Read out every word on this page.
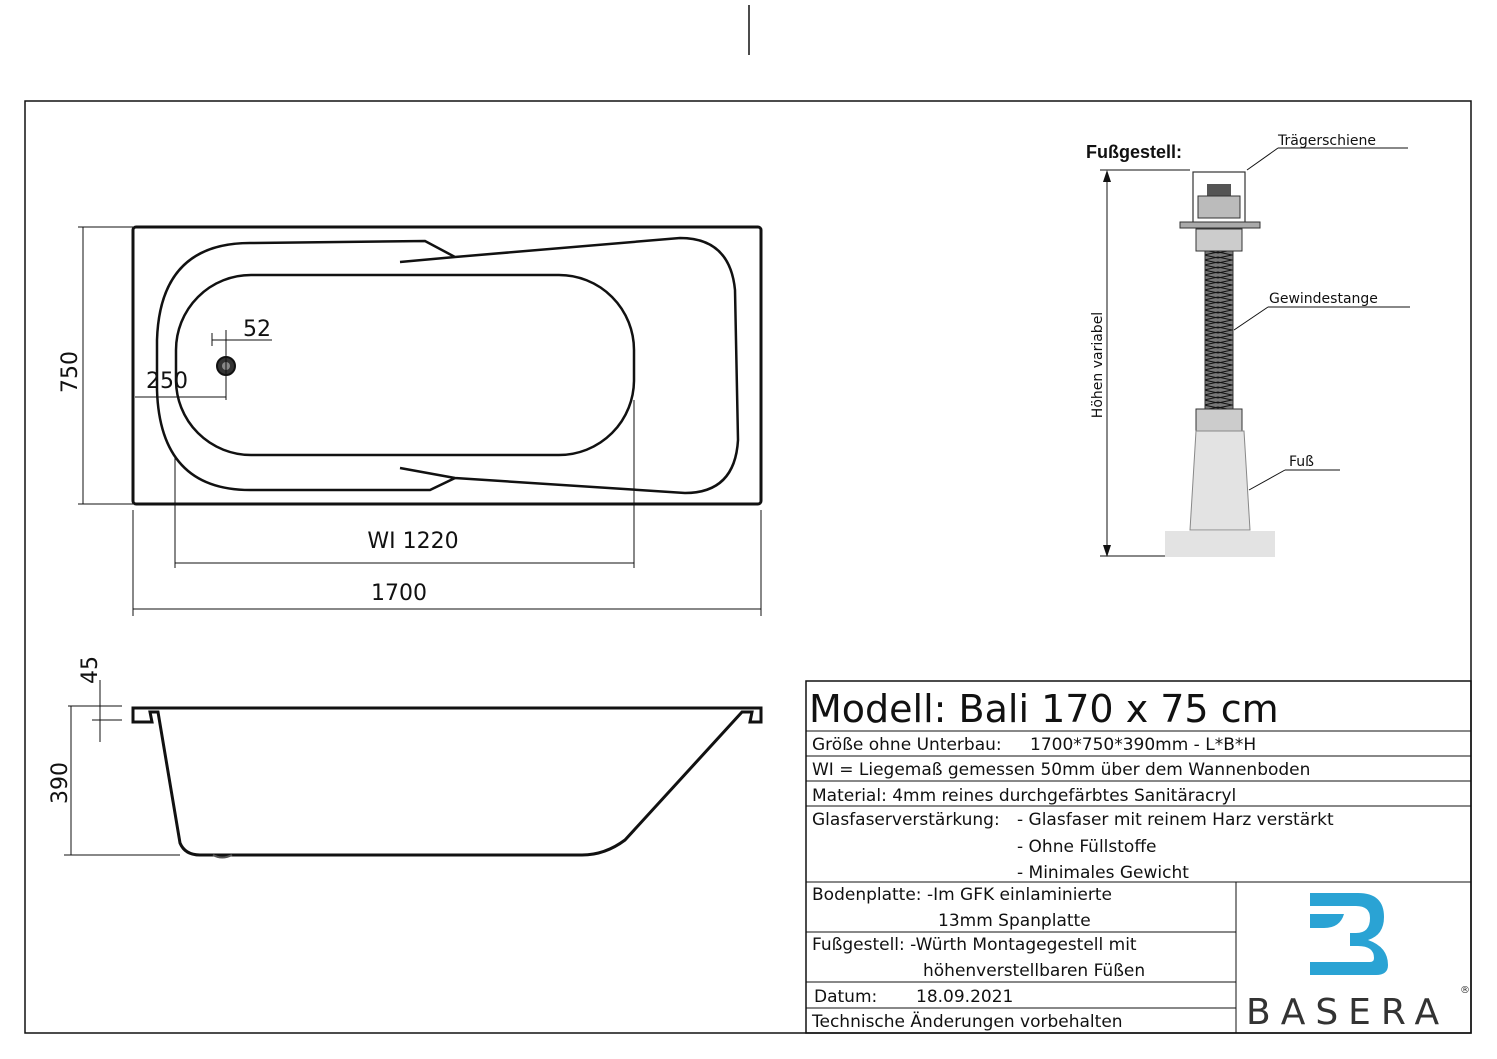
52
250
750
WI 1220
1700
45
390
Fußgestell:
Höhen variabel
Trägerschiene
Gewindestange
Fuß
Modell: Bali 170 x 75 cm
Größe ohne Unterbau: 1700*750*390mm - L*B*H
WI = Liegemaß gemessen 50mm über dem Wannenboden
Material: 4mm reines durchgefärbtes Sanitäracryl
Glasfaserverstärkung: - Glasfaser mit reinem Harz verstärkt
- Ohne Füllstoffe
- Minimales Gewicht
Bodenplatte: -Im GFK einlaminierte
13mm Spanplatte
Fußgestell: -Würth Montagegestell mit
höhenverstellbaren Füßen
Datum: 18.09.2021
Technische Änderungen vorbehalten	BASERA
®
